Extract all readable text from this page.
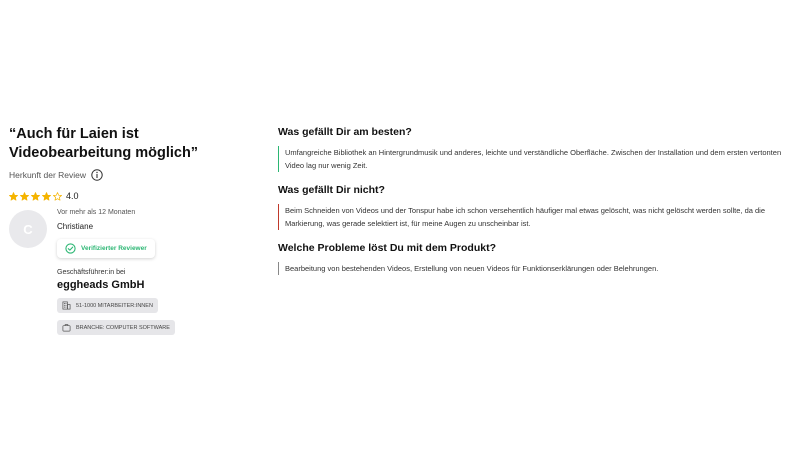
“Auch für Laien ist Videobearbeitung möglich”
Herkunft der Review
4.0
C
Vor mehr als 12 Monaten
Christiane
Verifizierter Reviewer
Geschäftsführer:in bei
eggheads GmbH
51-1000 MITARBEITER:INNEN
BRANCHE: COMPUTER SOFTWARE
Was gefällt Dir am besten?
Umfangreiche Bibliothek an Hintergrundmusik und anderes, leichte und verständliche Oberfläche. Zwischen der Installation und dem ersten vertonten Video lag nur wenig Zeit.
Was gefällt Dir nicht?
Beim Schneiden von Videos und der Tonspur habe ich schon versehentlich häufiger mal etwas gelöscht, was nicht gelöscht werden sollte, da die Markierung, was gerade selektiert ist, für meine Augen zu unscheinbar ist.
Welche Probleme löst Du mit dem Produkt?
Bearbeitung von bestehenden Videos, Erstellung von neuen Videos für Funktionserklärungen oder Belehrungen.
